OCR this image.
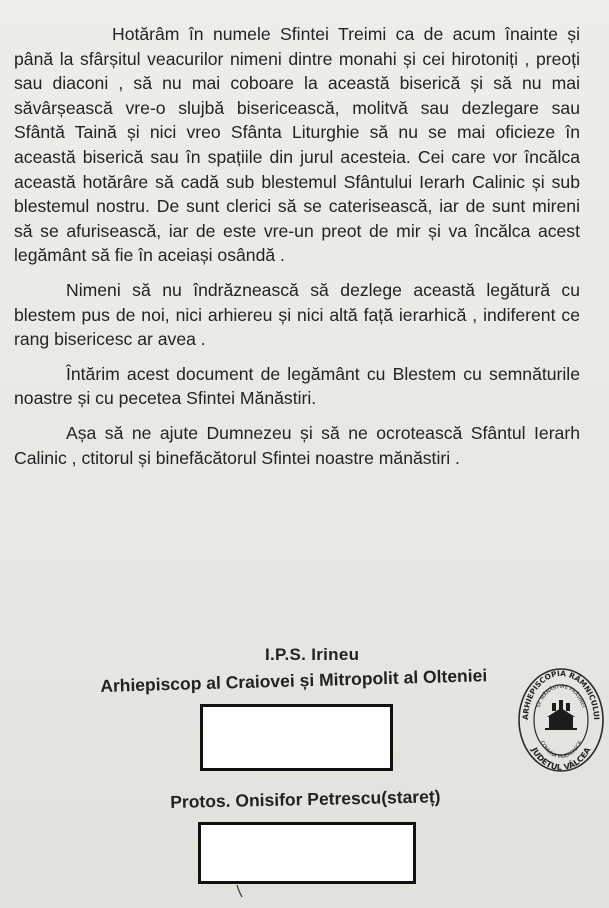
Hotărâm în numele Sfintei Treimi ca de acum înainte și până la sfârșitul veacurilor nimeni dintre monahi și cei hirotoniți , preoți sau diaconi , să nu mai coboare la această biserică și să nu mai săvârșească vre-o slujbă bisericească, molitvă sau dezlegare sau Sfântă Taină și nici vreo Sfânta Liturghie să nu se mai oficieze în această biserică sau în spațiile din jurul acesteia. Cei care vor încălca această hotărâre să cadă sub blestemul Sfântului Ierarh Calinic și sub blestemul nostru. De sunt clerici să se caterisească, iar de sunt mireni să se afurisească, iar de este vre-un preot de mir și va încălca acest legământ să fie în aceiași osândă .

Nimeni să nu îndrăznească să dezlege această legătură cu blestem pus de noi, nici arhiereu și nici altă față ierarhică , indiferent ce rang bisericesc ar avea .

Întărim acest document de legământ cu Blestem cu semnăturile noastre și cu pecetea Sfintei Mănăstiri.

Așa să ne ajute Dumnezeu și să ne ocrotească Sfântul Ierarh Calinic , ctitorul și binefăcătorul Sfintei noastre mănăstiri .

I.P.S. Irineu
Arhiepiscop al Craiovei și Mitropolit al Olteniei
ARHIEPISCOPIA RÂMNICULUI
SF. MĂNĂSTIRE FRĂSINEI
COMUNA MUEREASCA
JUDEȚUL VÂLCEA
Protos. Onisifor Petrescu(stareț)
